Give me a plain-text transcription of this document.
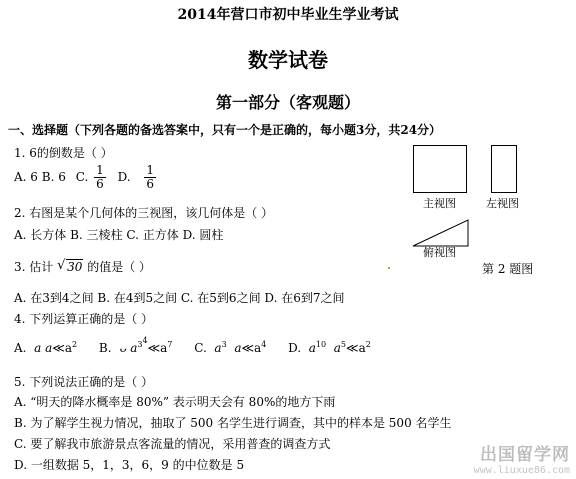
2014年营口市初中毕业生学业考试
数学试卷
第一部分（客观题）
一、选择题（下列各题的备选答案中，只有一个是正确的，每小题3分，共24分）
1. 6的倒数是（ ）
A. 6 B. 6 C. $\frac{1}{6} D$. $\frac{1}{6}$
2. 右图是某个几何体的三视图，该几何体是（ ）
A. 长方体 B. 三棱柱 C. 正方体 D. 圆柱
3. 估计 √ 30 的值是（ ）
A. 在3到4之间 B. 在4到5之间 C. 在5到6之间 D. 在6到7之间
4. 下列运算正确的是（ ）
A. a $a≪a^2$ B. ᴗ $a^{34}≪a^7$ C. $a^3$ $a≪a^4$ D. $a^{10}$ $a^5≪a^2$
5. 下列说法正确的是（ ）
A. “明天的降水概率是 80%” 表示明天会有 80%的地方下雨
B. 为了解学生视力情况，抽取了 500 名学生进行调查，其中的样本是 500 名学生
C. 要了解我市旅游景点客流量的情况，采用普查的调查方式
D. 一组数据 5，1，3，6，9 的中位数是 5
主视图	左视图
俯视图
第 2 题图
出国留学网
www.liuxue86.com
